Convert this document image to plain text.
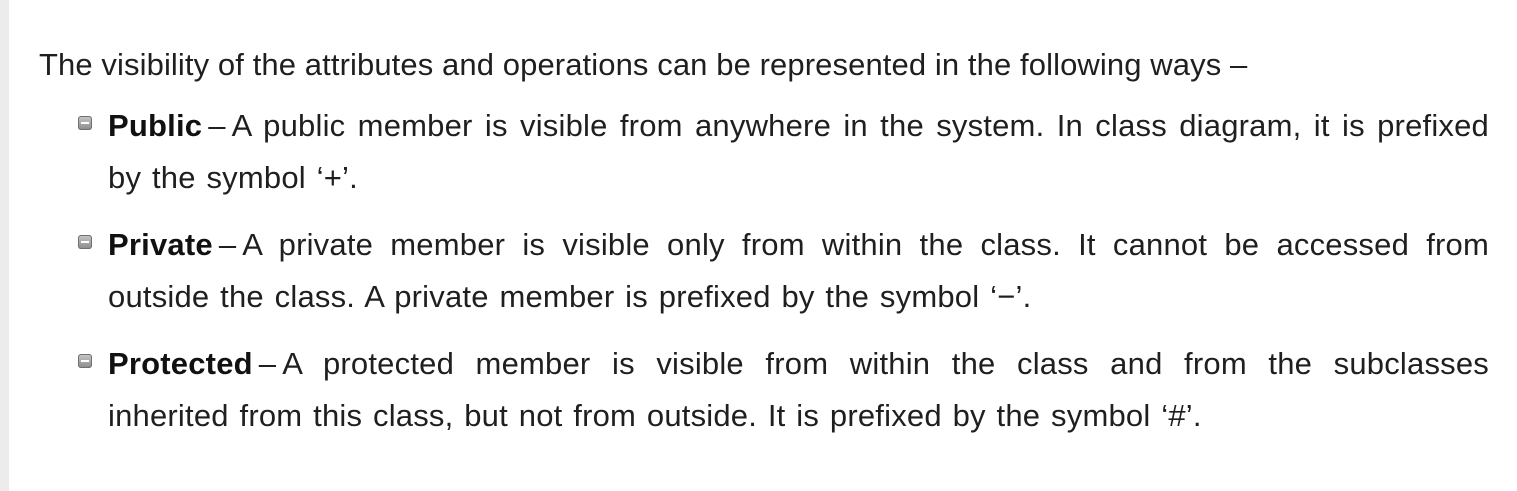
The visibility of the attributes and operations can be represented in the following ways –

Public – A public member is visible from anywhere in the system. In class diagram, it is prefixed by the symbol ‘+’.
Private – A private member is visible only from within the class. It cannot be accessed from outside the class. A private member is prefixed by the symbol ‘−’.
Protected – A protected member is visible from within the class and from the subclasses inherited from this class, but not from outside. It is prefixed by the symbol ‘#’.
